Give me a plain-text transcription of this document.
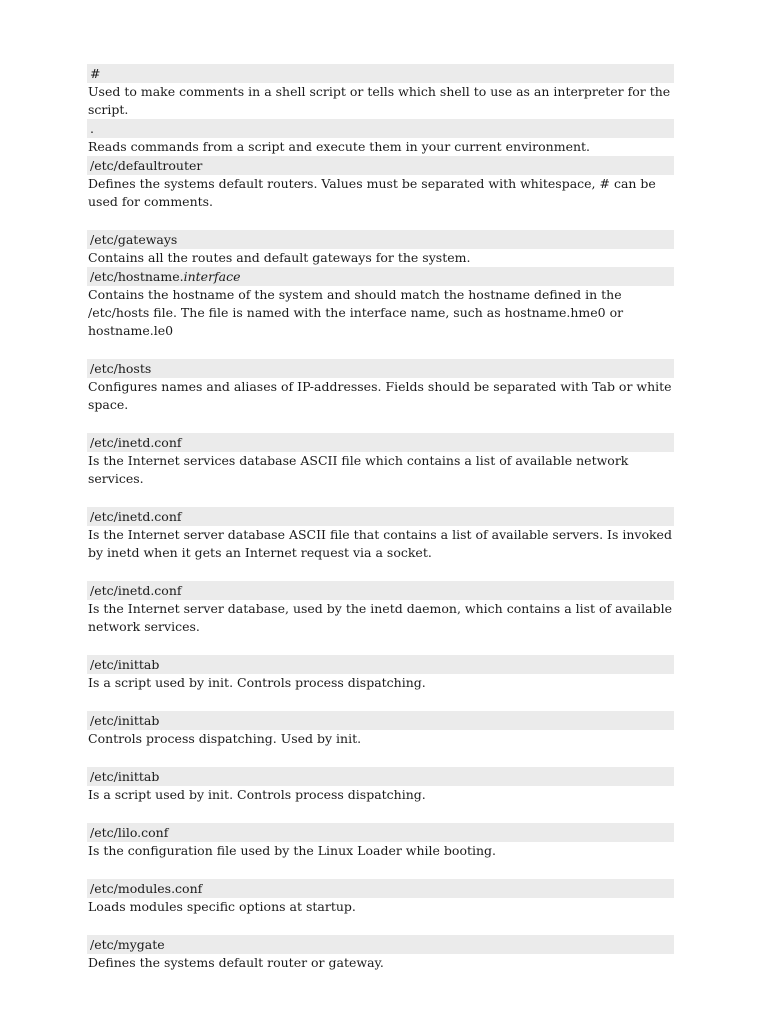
#
Used to make comments in a shell script or tells which shell to use as an interpreter for the script.
.
Reads commands from a script and execute them in your current environment.
/etc/defaultrouter
Defines the systems default routers. Values must be separated with whitespace, # can be used for comments.
/etc/gateways
Contains all the routes and default gateways for the system.
/etc/hostname.interface
Contains the hostname of the system and should match the hostname defined in the /etc/hosts file. The file is named with the interface name, such as hostname.hme0 or hostname.le0
/etc/hosts
Configures names and aliases of IP-addresses. Fields should be separated with Tab or white space.
/etc/inetd.conf
Is the Internet services database ASCII file which contains a list of available network services.
/etc/inetd.conf
Is the Internet server database ASCII file that contains a list of available servers. Is invoked by inetd when it gets an Internet request via a socket.
/etc/inetd.conf
Is the Internet server database, used by the inetd daemon, which contains a list of available network services.
/etc/inittab
Is a script used by init. Controls process dispatching.
/etc/inittab
Controls process dispatching. Used by init.
/etc/inittab
Is a script used by init. Controls process dispatching.
/etc/lilo.conf
Is the configuration file used by the Linux Loader while booting.
/etc/modules.conf
Loads modules specific options at startup.
/etc/mygate
Defines the systems default router or gateway.
